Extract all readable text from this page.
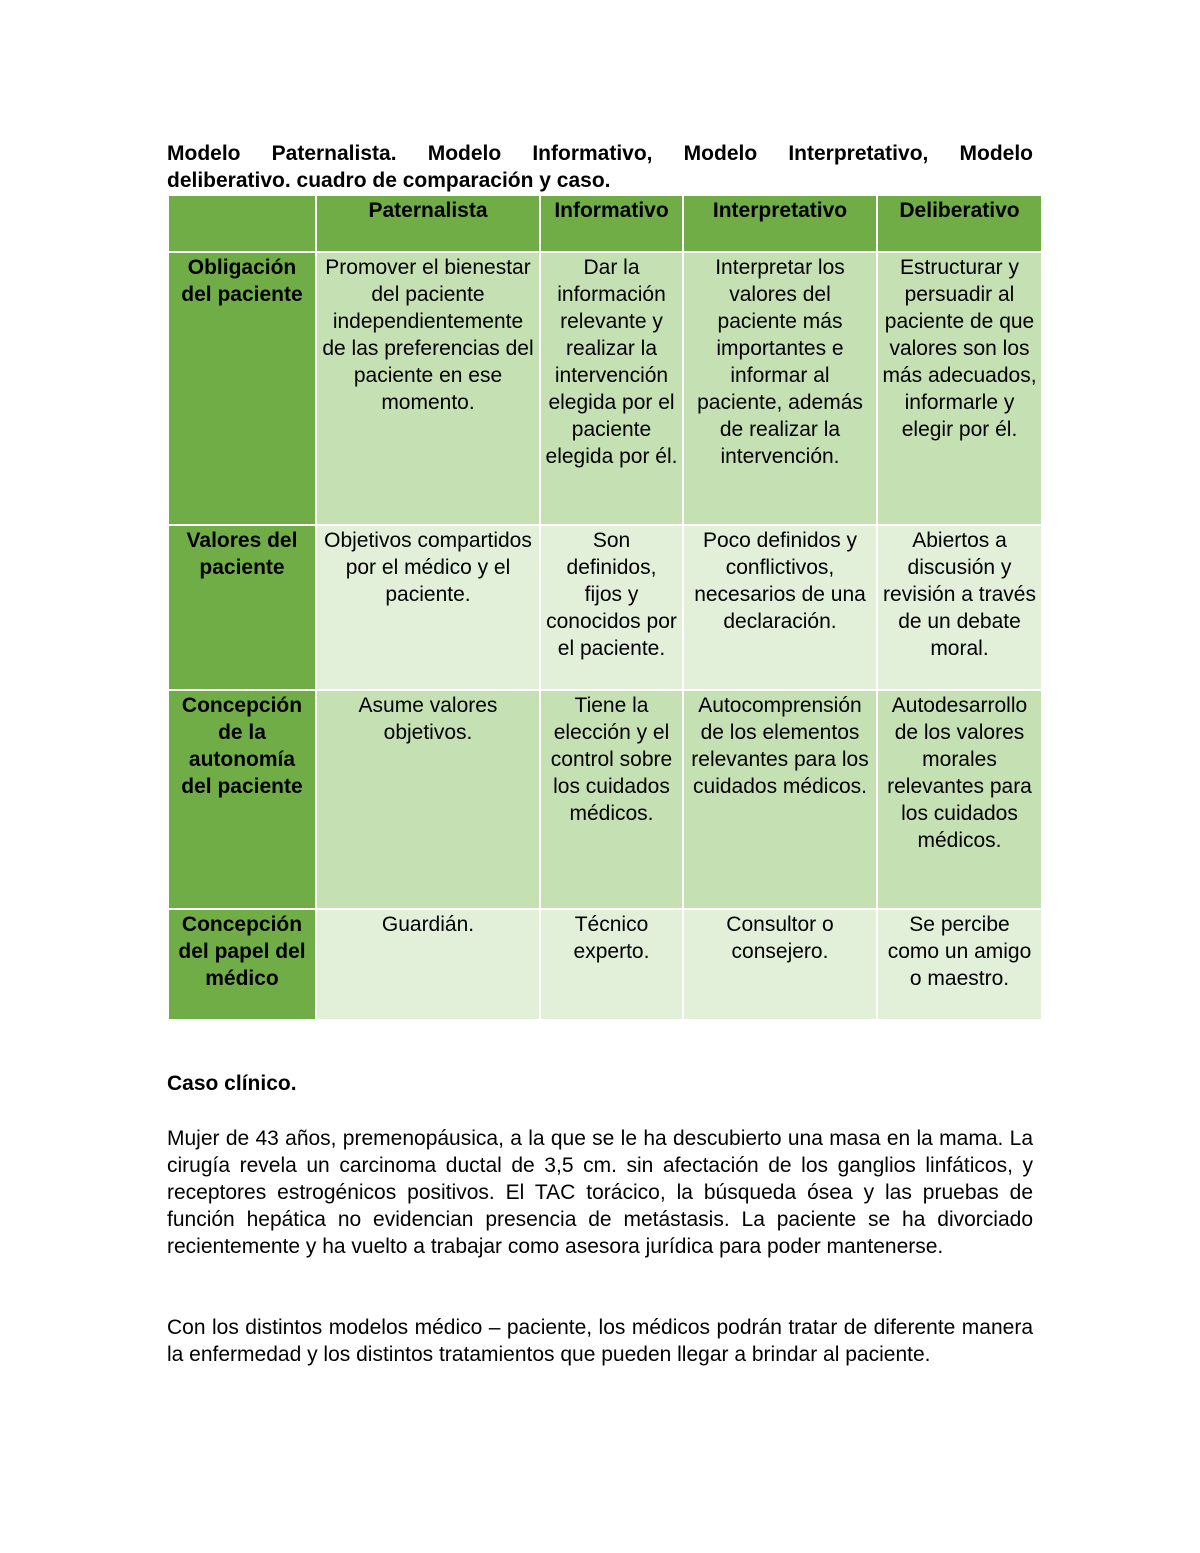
Modelo Paternalista. Modelo Informativo, Modelo Interpretativo, Modelo
deliberativo. cuadro de comparación y caso.

	Paternalista	Informativo	Interpretativo	Deliberativo
Obligación del paciente	Promover el bienestar del paciente independientemente de las preferencias del paciente en ese momento.	Dar la información relevante y realizar la intervención elegida por el paciente elegida por él.	Interpretar los valores del paciente más importantes e informar al paciente, además de realizar la intervención.	Estructurar y persuadir al paciente de que valores son los más adecuados, informarle y elegir por él.
Valores del paciente	Objetivos compartidos por el médico y el paciente.	Son definidos, fijos y conocidos por el paciente.	Poco definidos y conflictivos, necesarios de una declaración.	Abiertos a discusión y revisión a través de un debate moral.
Concepción de la autonomía del paciente	Asume valores objetivos.	Tiene la elección y el control sobre los cuidados médicos.	Autocomprensión de los elementos relevantes para los cuidados médicos.	Autodesarrollo de los valores morales relevantes para los cuidados médicos.
Concepción del papel del médico	Guardián.	Técnico experto.	Consultor o consejero.	Se percibe como un amigo o maestro.

Caso clínico.

Mujer de 43 años, premenopáusica, a la que se le ha descubierto una masa en la mama. La cirugía revela un carcinoma ductal de 3,5 cm. sin afectación de los ganglios linfáticos, y receptores estrogénicos positivos. El TAC torácico, la búsqueda ósea y las pruebas de función hepática no evidencian presencia de metástasis. La paciente se ha divorciado recientemente y ha vuelto a trabajar como asesora jurídica para poder mantenerse.

Con los distintos modelos médico – paciente, los médicos podrán tratar de diferente manera la enfermedad y los distintos tratamientos que pueden llegar a brindar al paciente.
